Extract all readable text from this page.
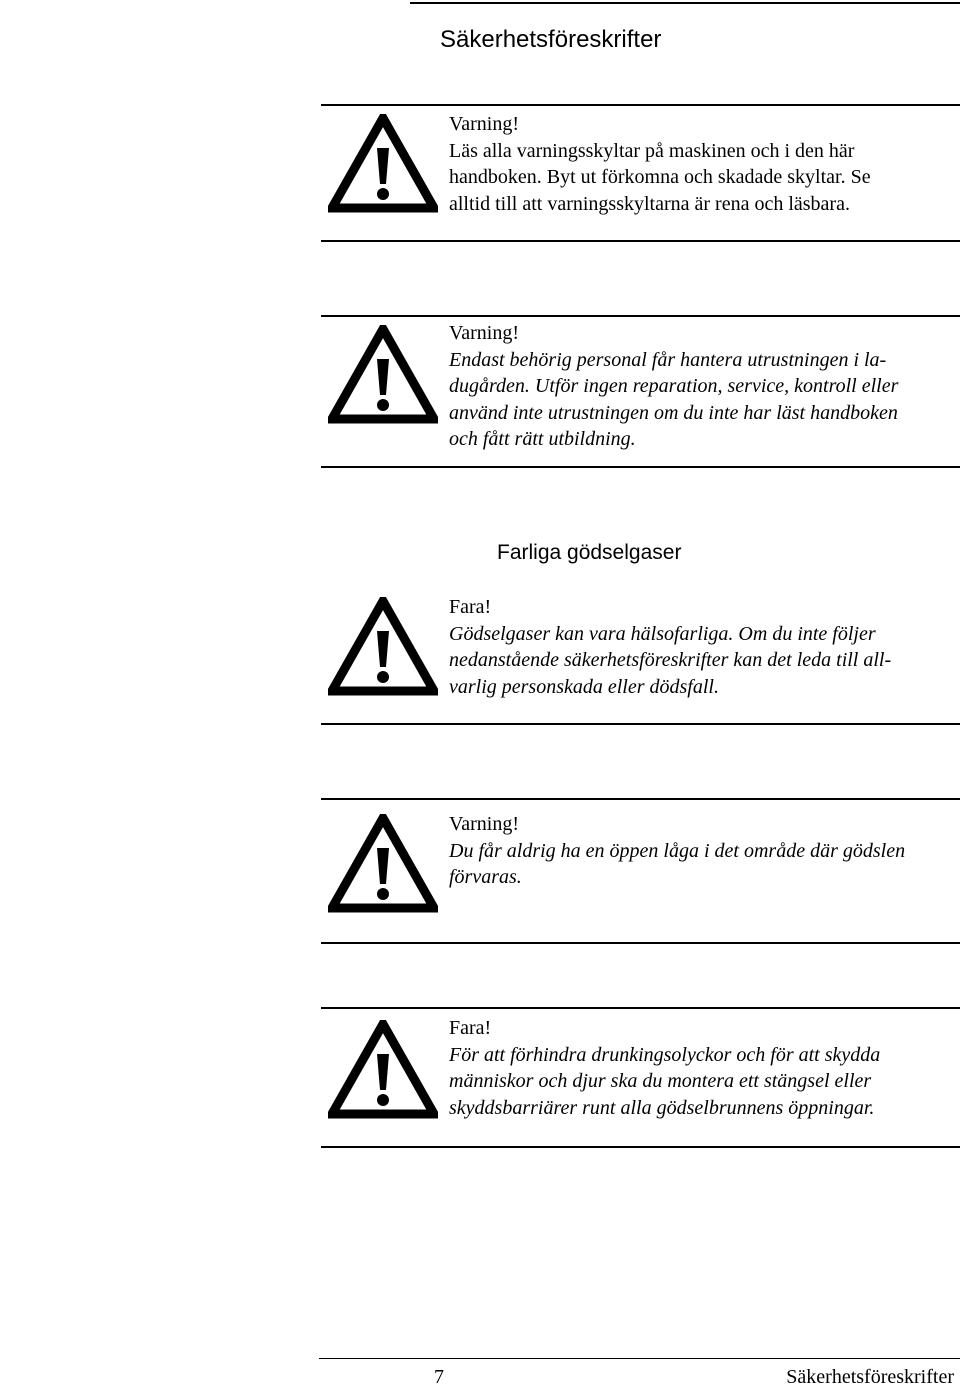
Säkerhetsföreskrifter
Varning!
Läs alla varningsskyltar på maskinen och i den här
handboken. Byt ut förkomna och skadade skyltar. Se
alltid till att varningsskyltarna är rena och läsbara.
Varning!
Endast behörig personal får hantera utrustningen i la-
dugården. Utför ingen reparation, service, kontroll eller
använd inte utrustningen om du inte har läst handboken
och fått rätt utbildning.
Farliga gödselgaser
Fara!
Gödselgaser kan vara hälsofarliga. Om du inte följer
nedanstående säkerhetsföreskrifter kan det leda till all-
varlig personskada eller dödsfall.
Varning!
Du får aldrig ha en öppen låga i det område där gödslen
förvaras.
Fara!
För att förhindra drunkingsolyckor och för att skydda
människor och djur ska du montera ett stängsel eller
skyddsbarriärer runt alla gödselbrunnens öppningar.
7	Säkerhetsföreskrifter
